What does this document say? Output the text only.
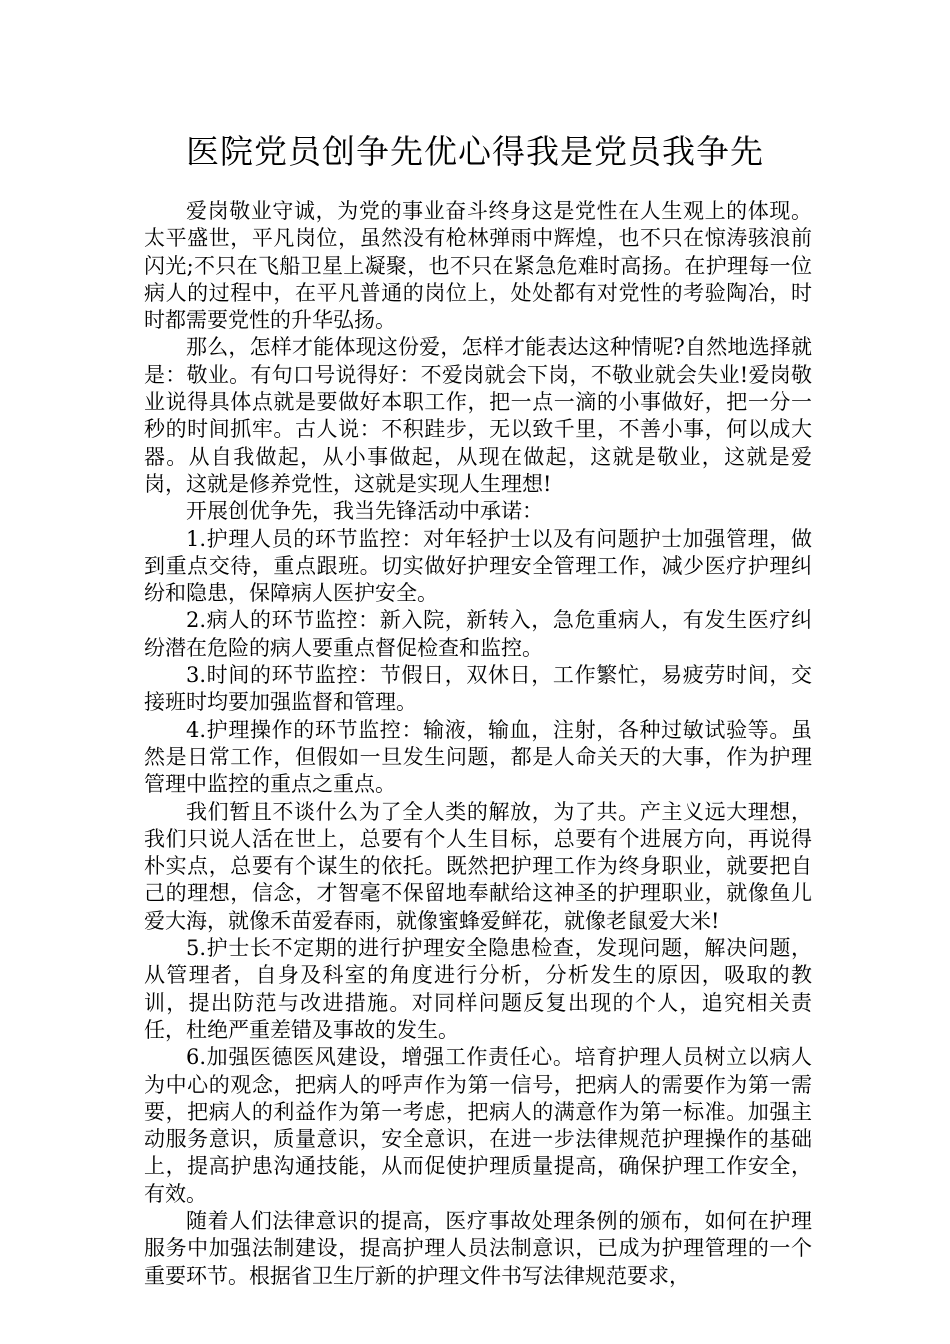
医院党员创争先优心得我是党员我争先

爱岗敬业守诚，为党的事业奋斗终身这是党性在人生观上的体现。太平盛世，平凡岗位，虽然没有枪林弹雨中辉煌，也不只在惊涛骇浪前闪光;不只在飞船卫星上凝聚，也不只在紧急危难时高扬。在护理每一位病人的过程中，在平凡普通的岗位上，处处都有对党性的考验陶冶，时时都需要党性的升华弘扬。

那么，怎样才能体现这份爱，怎样才能表达这种情呢?自然地选择就是：敬业。有句口号说得好：不爱岗就会下岗，不敬业就会失业!爱岗敬业说得具体点就是要做好本职工作，把一点一滴的小事做好，把一分一秒的时间抓牢。古人说：不积跬步，无以致千里，不善小事，何以成大器。从自我做起，从小事做起，从现在做起，这就是敬业，这就是爱岗，这就是修养党性，这就是实现人生理想!

开展创优争先，我当先锋活动中承诺：

1.护理人员的环节监控：对年轻护士以及有问题护士加强管理，做到重点交待，重点跟班。切实做好护理安全管理工作，减少医疗护理纠纷和隐患，保障病人医护安全。

2.病人的环节监控：新入院，新转入，急危重病人，有发生医疗纠纷潜在危险的病人要重点督促检查和监控。

3.时间的环节监控：节假日，双休日，工作繁忙，易疲劳时间，交接班时均要加强监督和管理。

4.护理操作的环节监控：输液，输血，注射，各种过敏试验等。虽然是日常工作，但假如一旦发生问题，都是人命关天的大事，作为护理管理中监控的重点之重点。

我们暂且不谈什么为了全人类的解放，为了共。产主义远大理想，我们只说人活在世上，总要有个人生目标，总要有个进展方向，再说得朴实点，总要有个谋生的依托。既然把护理工作为终身职业，就要把自己的理想，信念，才智毫不保留地奉献给这神圣的护理职业，就像鱼儿爱大海，就像禾苗爱春雨，就像蜜蜂爱鲜花，就像老鼠爱大米!

5.护士长不定期的进行护理安全隐患检查，发现问题，解决问题，从管理者，自身及科室的角度进行分析，分析发生的原因，吸取的教训，提出防范与改进措施。对同样问题反复出现的个人，追究相关责任，杜绝严重差错及事故的发生。

6.加强医德医风建设，增强工作责任心。培育护理人员树立以病人为中心的观念，把病人的呼声作为第一信号，把病人的需要作为第一需要，把病人的利益作为第一考虑，把病人的满意作为第一标准。加强主动服务意识，质量意识，安全意识，在进一步法律规范护理操作的基础上，提高护患沟通技能，从而促使护理质量提高，确保护理工作安全，有效。

随着人们法律意识的提高，医疗事故处理条例的颁布，如何在护理服务中加强法制建设，提高护理人员法制意识，已成为护理管理的一个重要环节。根据省卫生厅新的护理文件书写法律规范要求，
